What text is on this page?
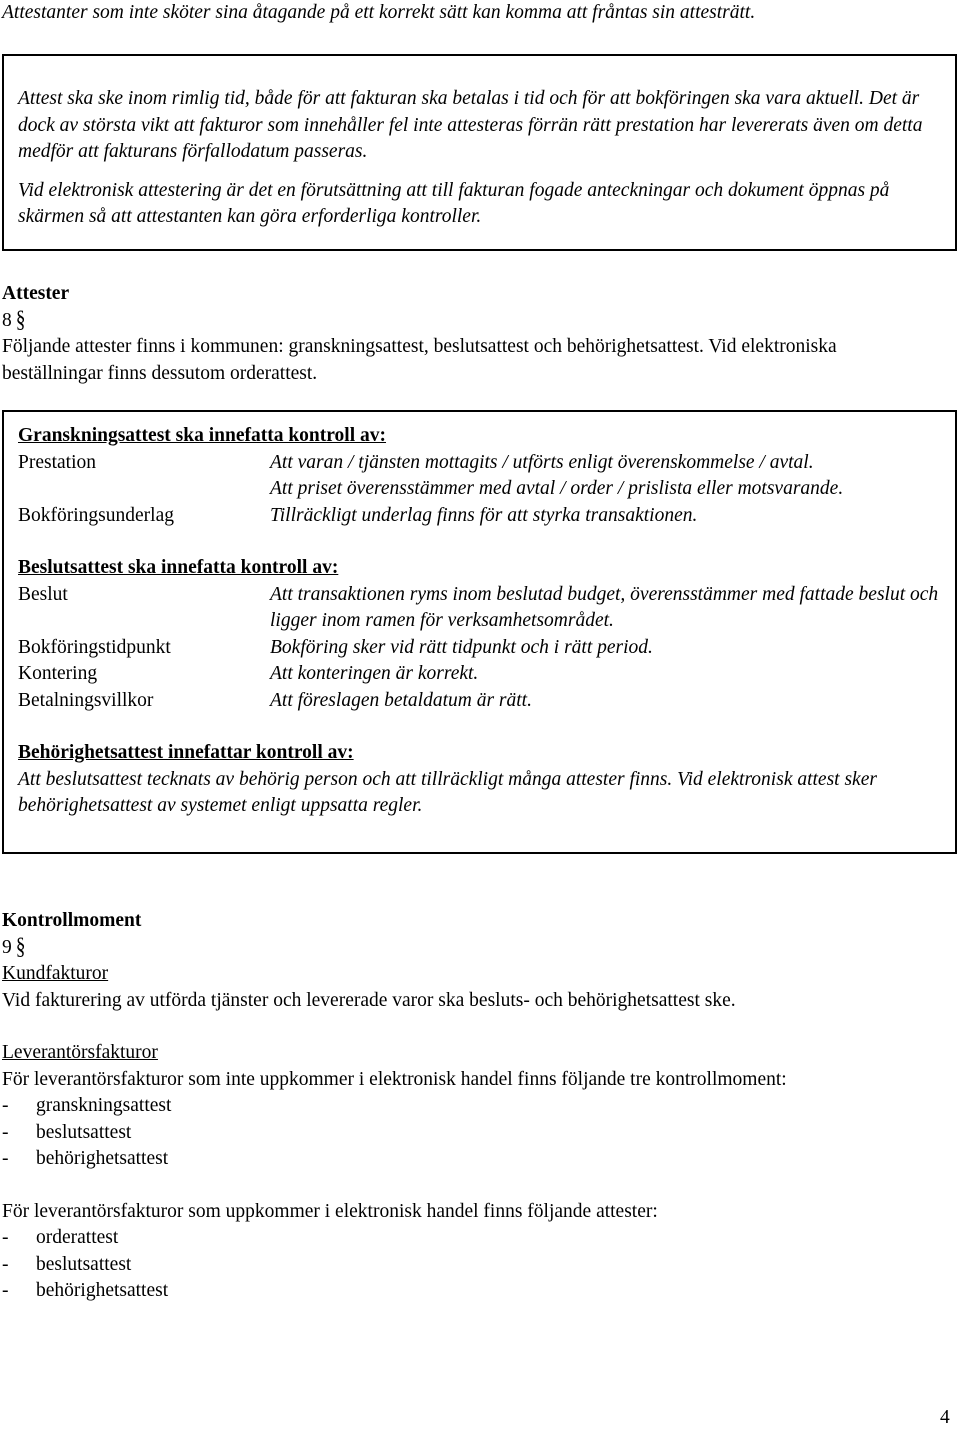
Attestanter som inte sköter sina åtagande på ett korrekt sätt kan komma att fråntas sin attesträtt.

Attest ska ske inom rimlig tid, både för att fakturan ska betalas i tid och för att bokföringen ska vara aktuell. Det är dock av största vikt att fakturor som innehåller fel inte attesteras förrän rätt prestation har levererats även om detta medför att fakturans förfallodatum passeras.

Vid elektronisk attestering är det en förutsättning att till fakturan fogade anteckningar och dokument öppnas på skärmen så att attestanten kan göra erforderliga kontroller.

Attester

8 §

Följande attester finns i kommunen: granskningsattest, beslutsattest och behörighetsattest. Vid elektroniska beställningar finns dessutom orderattest.

Granskningsattest ska innefatta kontroll av:

Prestation	Att varan / tjänsten mottagits / utförts enligt överenskommelse / avtal.
Att priset överensstämmer med avtal / order / prislista eller motsvarande.
Bokföringsunderlag	Tillräckligt underlag finns för att styrka transaktionen.

Beslutsattest ska innefatta kontroll av:

Beslut	Att transaktionen ryms inom beslutad budget, överensstämmer med fattade beslut och ligger inom ramen för verksamhetsområdet.
Bokföringstidpunkt	Bokföring sker vid rätt tidpunkt och i rätt period.
Kontering	Att konteringen är korrekt.
Betalningsvillkor	Att föreslagen betaldatum är rätt.

Behörighetsattest innefattar kontroll av:

Att beslutsattest tecknats av behörig person och att tillräckligt många attester finns. Vid elektronisk attest sker behörighetsattest av systemet enligt uppsatta regler.

Kontrollmoment

9 §

Kundfakturor

Vid fakturering av utförda tjänster och levererade varor ska besluts- och behörighetsattest ske.

Leverantörsfakturor

För leverantörsfakturor som inte uppkommer i elektronisk handel finns följande tre kontrollmoment:

- granskningsattest

- beslutsattest

- behörighetsattest

För leverantörsfakturor som uppkommer i elektronisk handel finns följande attester:

- orderattest

- beslutsattest

- behörighetsattest

4
